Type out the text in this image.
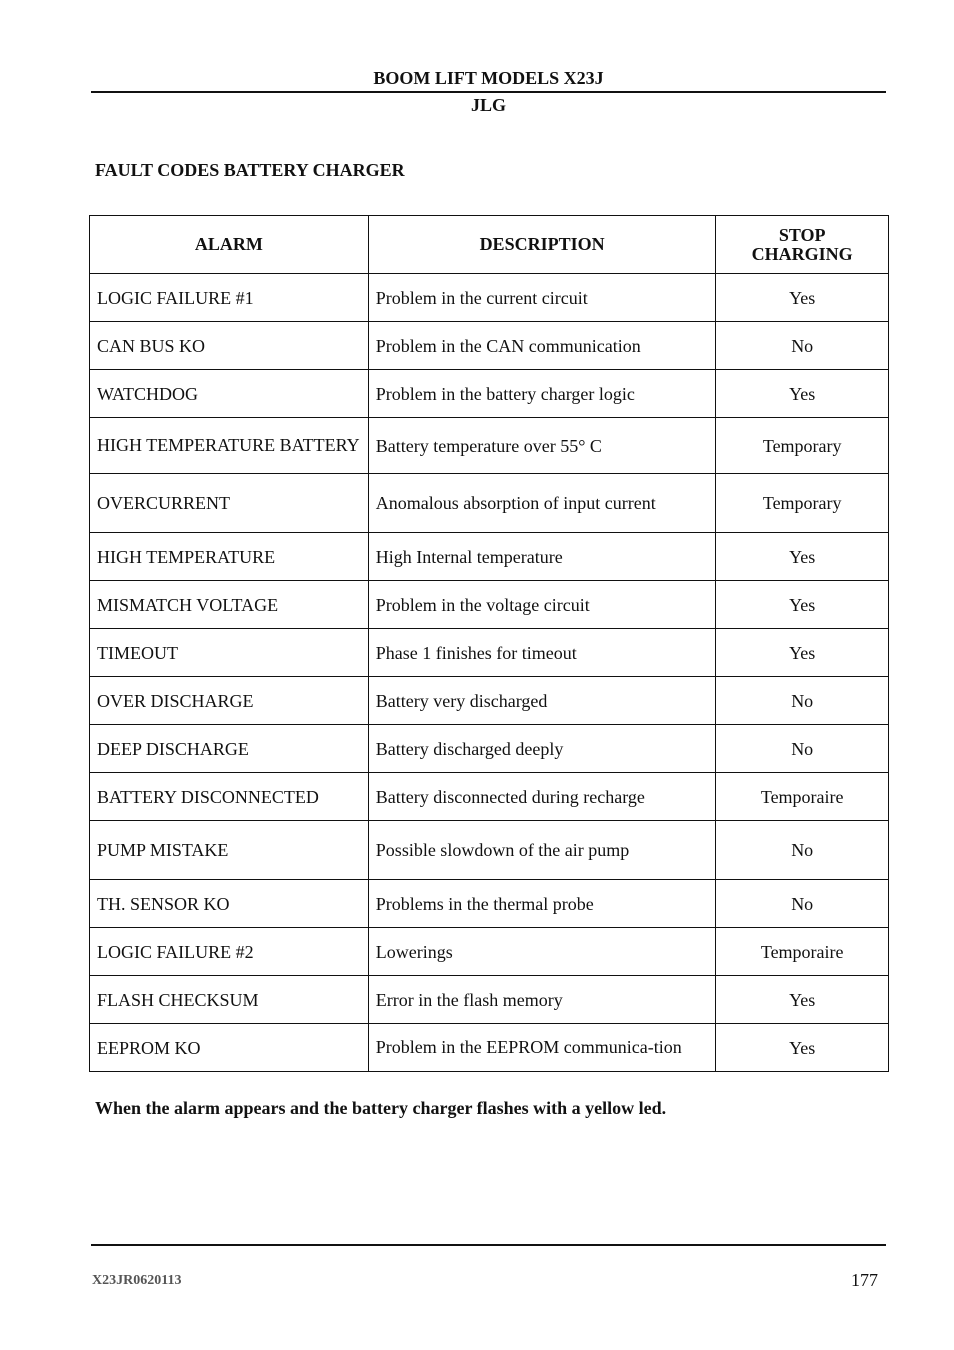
BOOM LIFT MODELS X23J
JLG
FAULT CODES BATTERY CHARGER
ALARM	DESCRIPTION	STOP
CHARGING

LOGIC FAILURE #1	Problem in the current circuit	Yes
CAN BUS KO	Problem in the CAN communication	No
WATCHDOG	Problem in the battery charger logic	Yes
HIGH TEMPERATURE BATTERY	Battery temperature over 55° C	Temporary
OVERCURRENT	Anomalous absorption of input current	Temporary
HIGH TEMPERATURE	High Internal temperature	Yes
MISMATCH VOLTAGE	Problem in the voltage circuit	Yes
TIMEOUT	Phase 1 finishes for timeout	Yes
OVER DISCHARGE	Battery very discharged	No
DEEP DISCHARGE	Battery discharged deeply	No
BATTERY DISCONNECTED	Battery disconnected during recharge	Temporaire
PUMP MISTAKE	Possible slowdown of the air pump	No
TH. SENSOR KO	Problems in the thermal probe	No
LOGIC FAILURE #2	Lowerings	Temporaire
FLASH CHECKSUM	Error in the flash memory	Yes
EEPROM KO	Problem in the EEPROM communica-tion	Yes
When the alarm appears and the battery charger flashes with a yellow led.
X23JR0620113	177
